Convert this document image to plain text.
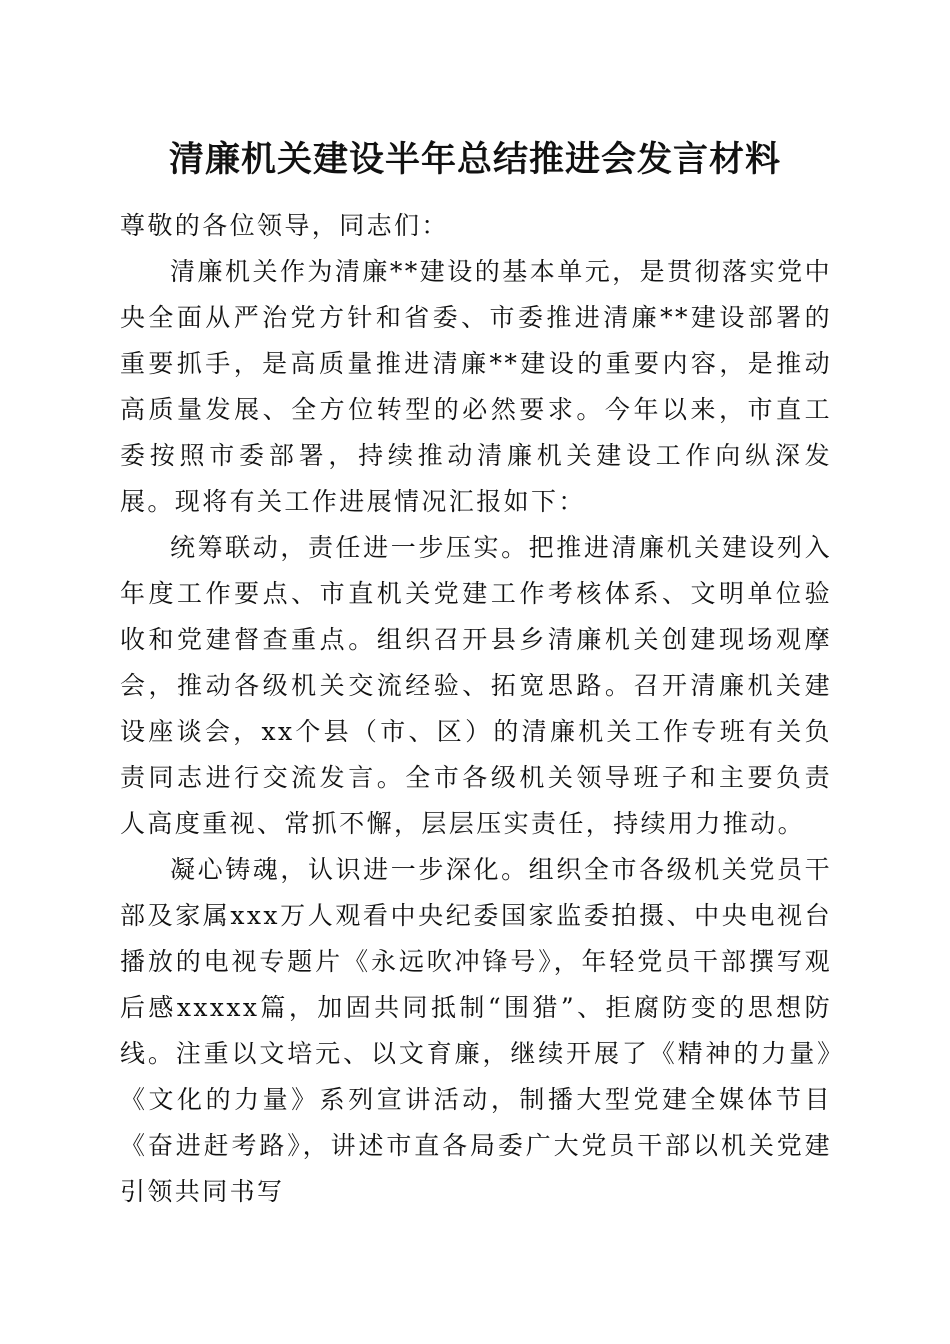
清廉机关建设半年总结推进会发言材料

尊敬的各位领导，同志们：

清廉机关作为清廉**建设的基本单元，是贯彻落实党中央全面从严治党方针和省委、市委推进清廉**建设部署的重要抓手，是高质量推进清廉**建设的重要内容，是推动高质量发展、全方位转型的必然要求。今年以来，市直工委按照市委部署，持续推动清廉机关建设工作向纵深发展。现将有关工作进展情况汇报如下：

统筹联动，责任进一步压实。把推进清廉机关建设列入年度工作要点、市直机关党建工作考核体系、文明单位验收和党建督查重点。组织召开县乡清廉机关创建现场观摩会，推动各级机关交流经验、拓宽思路。召开清廉机关建设座谈会，xx个县（市、区）的清廉机关工作专班有关负责同志进行交流发言。全市各级机关领导班子和主要负责人高度重视、常抓不懈，层层压实责任，持续用力推动。

凝心铸魂，认识进一步深化。组织全市各级机关党员干部及家属xxx万人观看中央纪委国家监委拍摄、中央电视台播放的电视专题片《永远吹冲锋号》，年轻党员干部撰写观后感xxxxx篇，加固共同抵制“围猎”、拒腐防变的思想防线。注重以文培元、以文育廉，继续开展了《精神的力量》《文化的力量》系列宣讲活动，制播大型党建全媒体节目《奋进赶考路》，讲述市直各局委广大党员干部以机关党建引领共同书写
